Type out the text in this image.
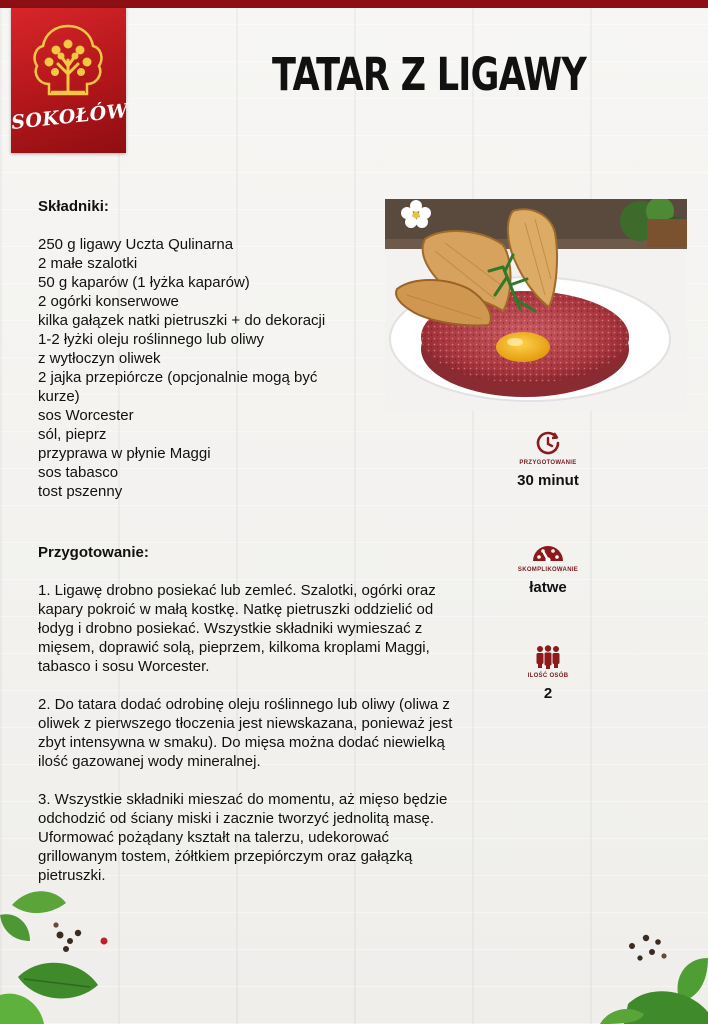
SOKOŁÓW
TATAR Z LIGAWY
Składniki:
250 g ligawy Uczta Qulinarna
2 małe szalotki
50 g kaparów (1 łyżka kaparów)
2 ogórki konserwowe
kilka gałązek natki pietruszki + do dekoracji
1-2 łyżki oleju roślinnego lub oliwy
z wytłoczyn oliwek
2 jajka przepiórcze (opcjonalnie mogą być
kurze)
sos Worcester
sól, pieprz
przyprawa w płynie Maggi
sos tabasco
tost pszenny
PRZYGOTOWANIE
30 minut
SKOMPLIKOWANIE
łatwe
ILOŚĆ OSÓB
2
Przygotowanie:

1. Ligawę drobno posiekać lub zemleć. Szalotki, ogórki oraz kapary pokroić w małą kostkę. Natkę pietruszki oddzielić od łodyg i drobno posiekać. Wszystkie składniki wymieszać z mięsem, doprawić solą, pieprzem, kilkoma kroplami Maggi, tabasco i sosu Worcester.

2. Do tatara dodać odrobinę oleju roślinnego lub oliwy (oliwa z oliwek z pierwszego tłoczenia jest niewskazana, ponieważ jest zbyt intensywna w smaku). Do mięsa można dodać niewielką ilość gazowanej wody mineralnej.

3. Wszystkie składniki mieszać do momentu, aż mięso będzie odchodzić od ściany miski i zacznie tworzyć jednolitą masę. Uformować pożądany kształt na talerzu, udekorować grillowanym tostem, żółtkiem przepiórczym oraz gałązką pietruszki.
